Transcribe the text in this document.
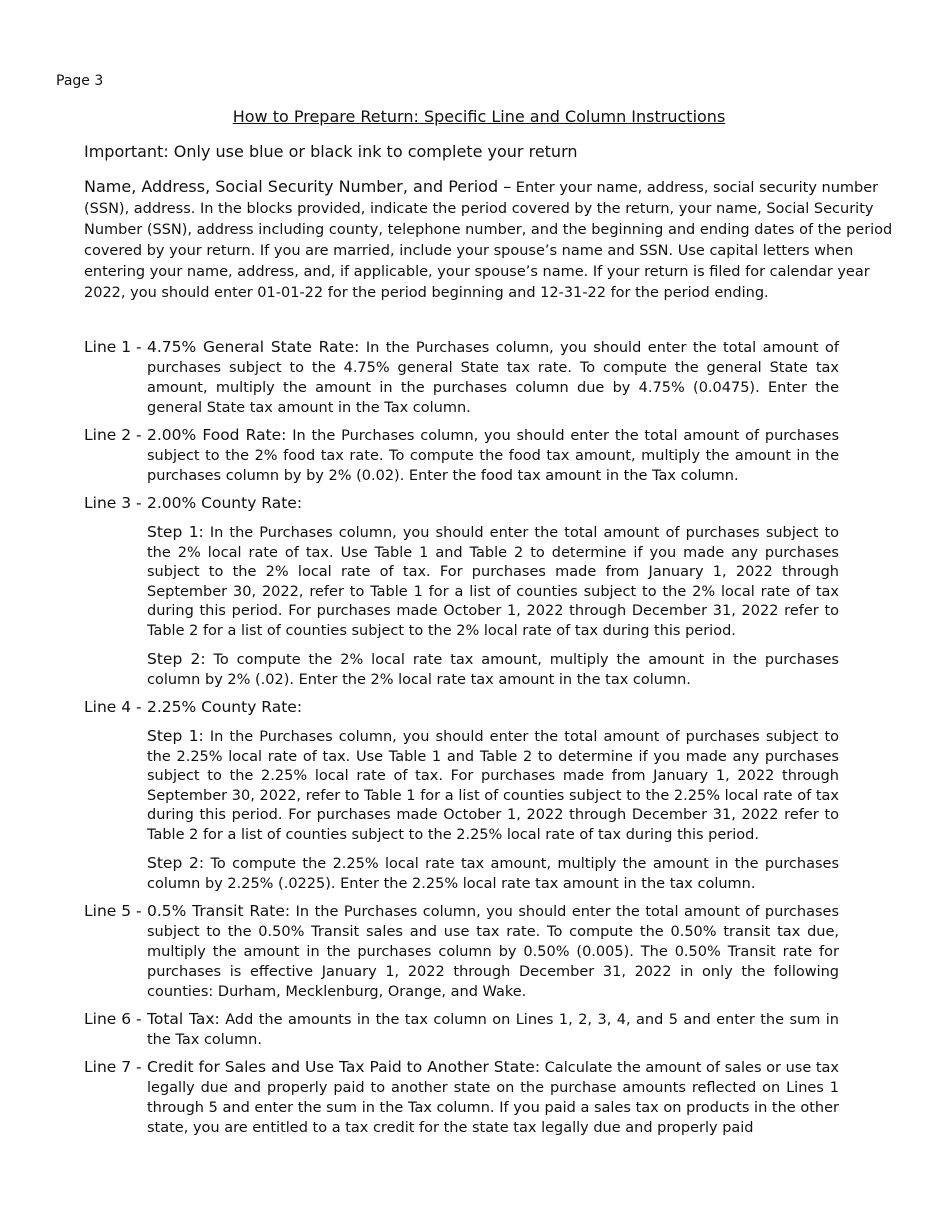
Page 3
How to Prepare Return: Specific Line and Column Instructions
Important: Only use blue or black ink to complete your return
Name, Address, Social Security Number, and Period – Enter your name, address, social security number (SSN), address. In the blocks provided, indicate the period covered by the return, your name, Social Security Number (SSN), address including county, telephone number, and the beginning and ending dates of the period covered by your return. If you are married, include your spouse’s name and SSN. Use capital letters when entering your name, address, and, if applicable, your spouse’s name. If your return is filed for calendar year 2022, you should enter 01-01-22 for the period beginning and 12-31-22 for the period ending.
Line 1 - 4.75% General State Rate: In the Purchases column, you should enter the total amount of purchases subject to the 4.75% general State tax rate. To compute the general State tax amount, multiply the amount in the purchases column due by 4.75% (0.0475). Enter the general State tax amount in the Tax column.
Line 2 - 2.00% Food Rate: In the Purchases column, you should enter the total amount of purchases subject to the 2% food tax rate. To compute the food tax amount, multiply the amount in the purchases column by by 2% (0.02). Enter the food tax amount in the Tax column.
Line 3 - 2.00% County Rate:
Step 1: In the Purchases column, you should enter the total amount of purchases subject to the 2% local rate of tax. Use Table 1 and Table 2 to determine if you made any purchases subject to the 2% local rate of tax. For purchases made from January 1, 2022 through September 30, 2022, refer to Table 1 for a list of counties subject to the 2% local rate of tax during this period. For purchases made October 1, 2022 through December 31, 2022 refer to Table 2 for a list of counties subject to the 2% local rate of tax during this period.
Step 2: To compute the 2% local rate tax amount, multiply the amount in the purchases column by 2% (.02). Enter the 2% local rate tax amount in the tax column.
Line 4 - 2.25% County Rate:
Step 1: In the Purchases column, you should enter the total amount of purchases subject to the 2.25% local rate of tax. Use Table 1 and Table 2 to determine if you made any purchases subject to the 2.25% local rate of tax. For purchases made from January 1, 2022 through September 30, 2022, refer to Table 1 for a list of counties subject to the 2.25% local rate of tax during this period. For purchases made October 1, 2022 through December 31, 2022 refer to Table 2 for a list of counties subject to the 2.25% local rate of tax during this period.
Step 2: To compute the 2.25% local rate tax amount, multiply the amount in the purchases column by 2.25% (.0225). Enter the 2.25% local rate tax amount in the tax column.
Line 5 - 0.5% Transit Rate: In the Purchases column, you should enter the total amount of purchases subject to the 0.50% Transit sales and use tax rate. To compute the 0.50% transit tax due, multiply the amount in the purchases column by 0.50% (0.005). The 0.50% Transit rate for purchases is effective January 1, 2022 through December 31, 2022 in only the following counties: Durham, Mecklenburg, Orange, and Wake.
Line 6 - Total Tax: Add the amounts in the tax column on Lines 1, 2, 3, 4, and 5 and enter the sum in the Tax column.
Line 7 - Credit for Sales and Use Tax Paid to Another State: Calculate the amount of sales or use tax legally due and properly paid to another state on the purchase amounts reflected on Lines 1 through 5 and enter the sum in the Tax column. If you paid a sales tax on products in the other state, you are entitled to a tax credit for the state tax legally due and properly paid
